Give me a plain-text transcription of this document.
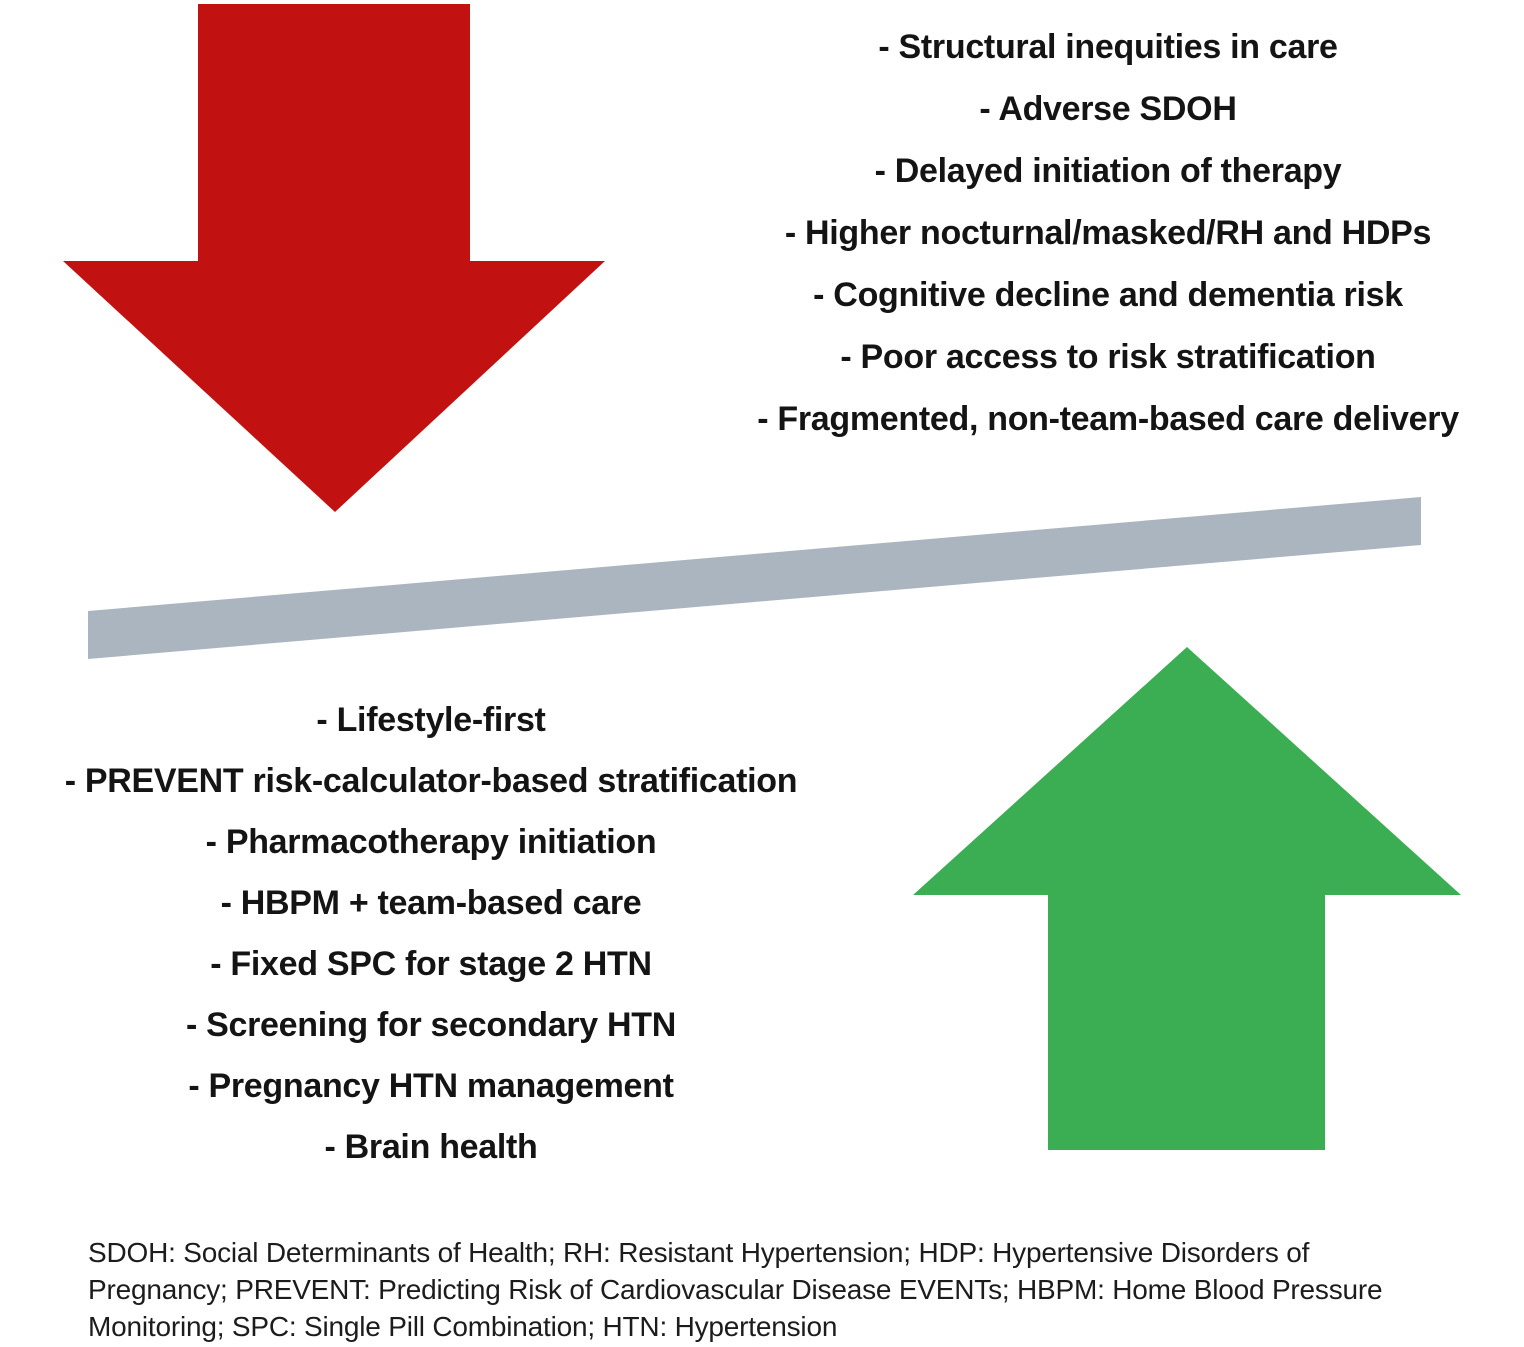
- Structural inequities in care
- Adverse SDOH
- Delayed initiation of therapy
- Higher nocturnal/masked/RH and HDPs
- Cognitive decline and dementia risk
- Poor access to risk stratification
- Fragmented, non-team-based care delivery
- Lifestyle-first
- PREVENT risk-calculator-based stratification
- Pharmacotherapy initiation
- HBPM + team-based care
- Fixed SPC for stage 2 HTN
- Screening for secondary HTN
- Pregnancy HTN management
- Brain health
SDOH: Social Determinants of Health; RH: Resistant Hypertension; HDP: Hypertensive Disorders of
Pregnancy; PREVENT: Predicting Risk of Cardiovascular Disease EVENTs; HBPM: Home Blood Pressure
Monitoring; SPC: Single Pill Combination; HTN: Hypertension
